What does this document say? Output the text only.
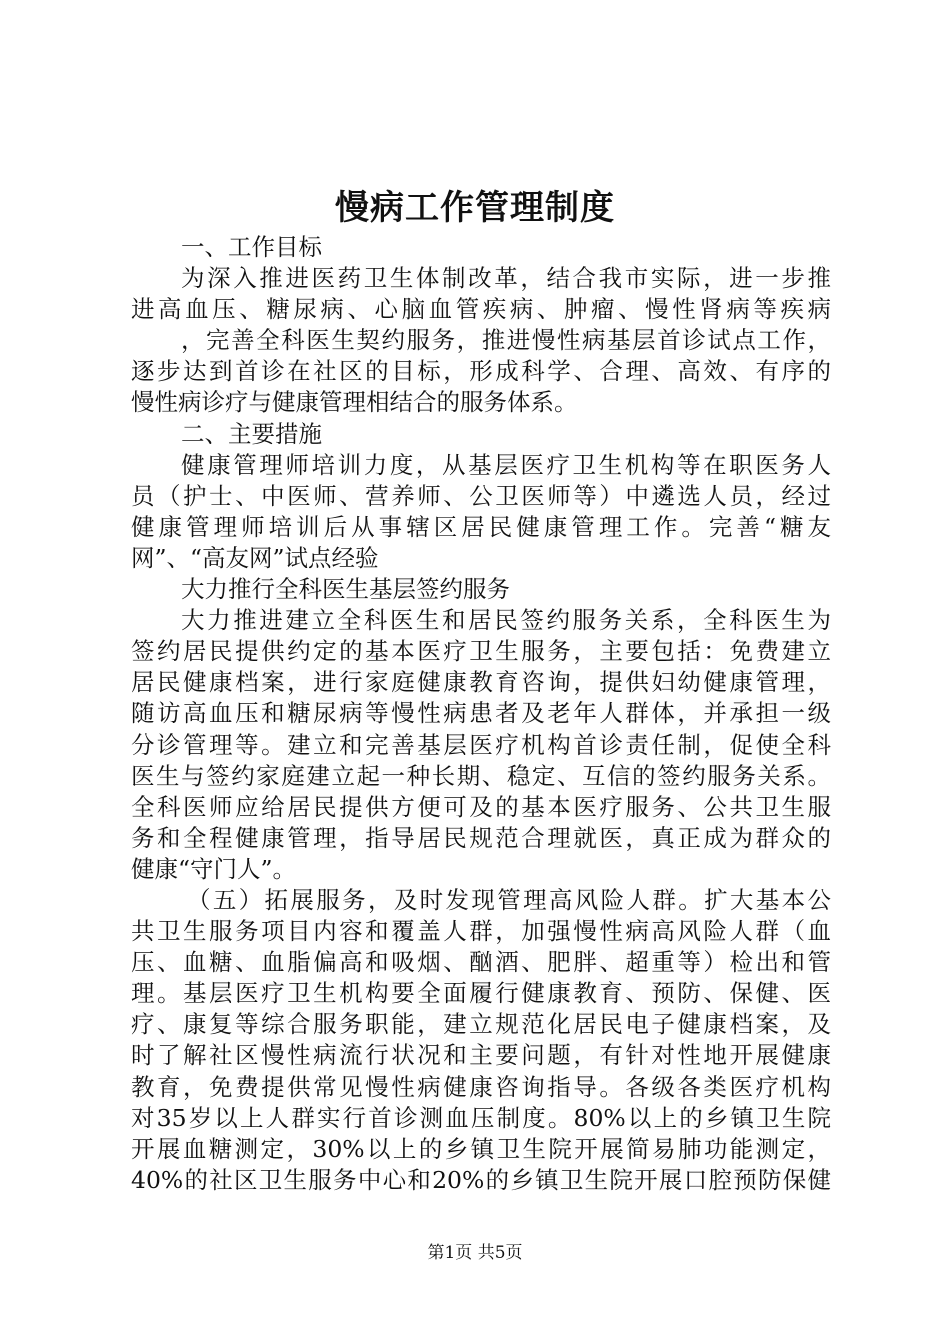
慢病工作管理制度
一、工作目标
为深入推进医药卫生体制改革，结合我市实际，进一步推
进高血压、糖尿病、心脑血管疾病、肿瘤、慢性肾病等疾病
，完善全科医生契约服务，推进慢性病基层首诊试点工作，
逐步达到首诊在社区的目标，形成科学、合理、高效、有序的
慢性病诊疗与健康管理相结合的服务体系。
二、主要措施
健康管理师培训力度，从基层医疗卫生机构等在职医务人
员（护士、中医师、营养师、公卫医师等）中遴选人员，经过
健康管理师培训后从事辖区居民健康管理工作。完善“糖友
网”、“高友网”试点经验
大力推行全科医生基层签约服务
大力推进建立全科医生和居民签约服务关系，全科医生为
签约居民提供约定的基本医疗卫生服务，主要包括：免费建立
居民健康档案，进行家庭健康教育咨询，提供妇幼健康管理，
随访高血压和糖尿病等慢性病患者及老年人群体，并承担一级
分诊管理等。建立和完善基层医疗机构首诊责任制，促使全科
医生与签约家庭建立起一种长期、稳定、互信的签约服务关系。
全科医师应给居民提供方便可及的基本医疗服务、公共卫生服
务和全程健康管理，指导居民规范合理就医，真正成为群众的
健康“守门人”。
（五）拓展服务，及时发现管理高风险人群。扩大基本公
共卫生服务项目内容和覆盖人群，加强慢性病高风险人群（血
压、血糖、血脂偏高和吸烟、酗酒、肥胖、超重等）检出和管
理。基层医疗卫生机构要全面履行健康教育、预防、保健、医
疗、康复等综合服务职能，建立规范化居民电子健康档案，及
时了解社区慢性病流行状况和主要问题，有针对性地开展健康
教育，免费提供常见慢性病健康咨询指导。各级各类医疗机构
对35岁以上人群实行首诊测血压制度。80%以上的乡镇卫生院
开展血糖测定，30%以上的乡镇卫生院开展简易肺功能测定，
40%的社区卫生服务中心和20%的乡镇卫生院开展口腔预防保健
第1页 共5页
